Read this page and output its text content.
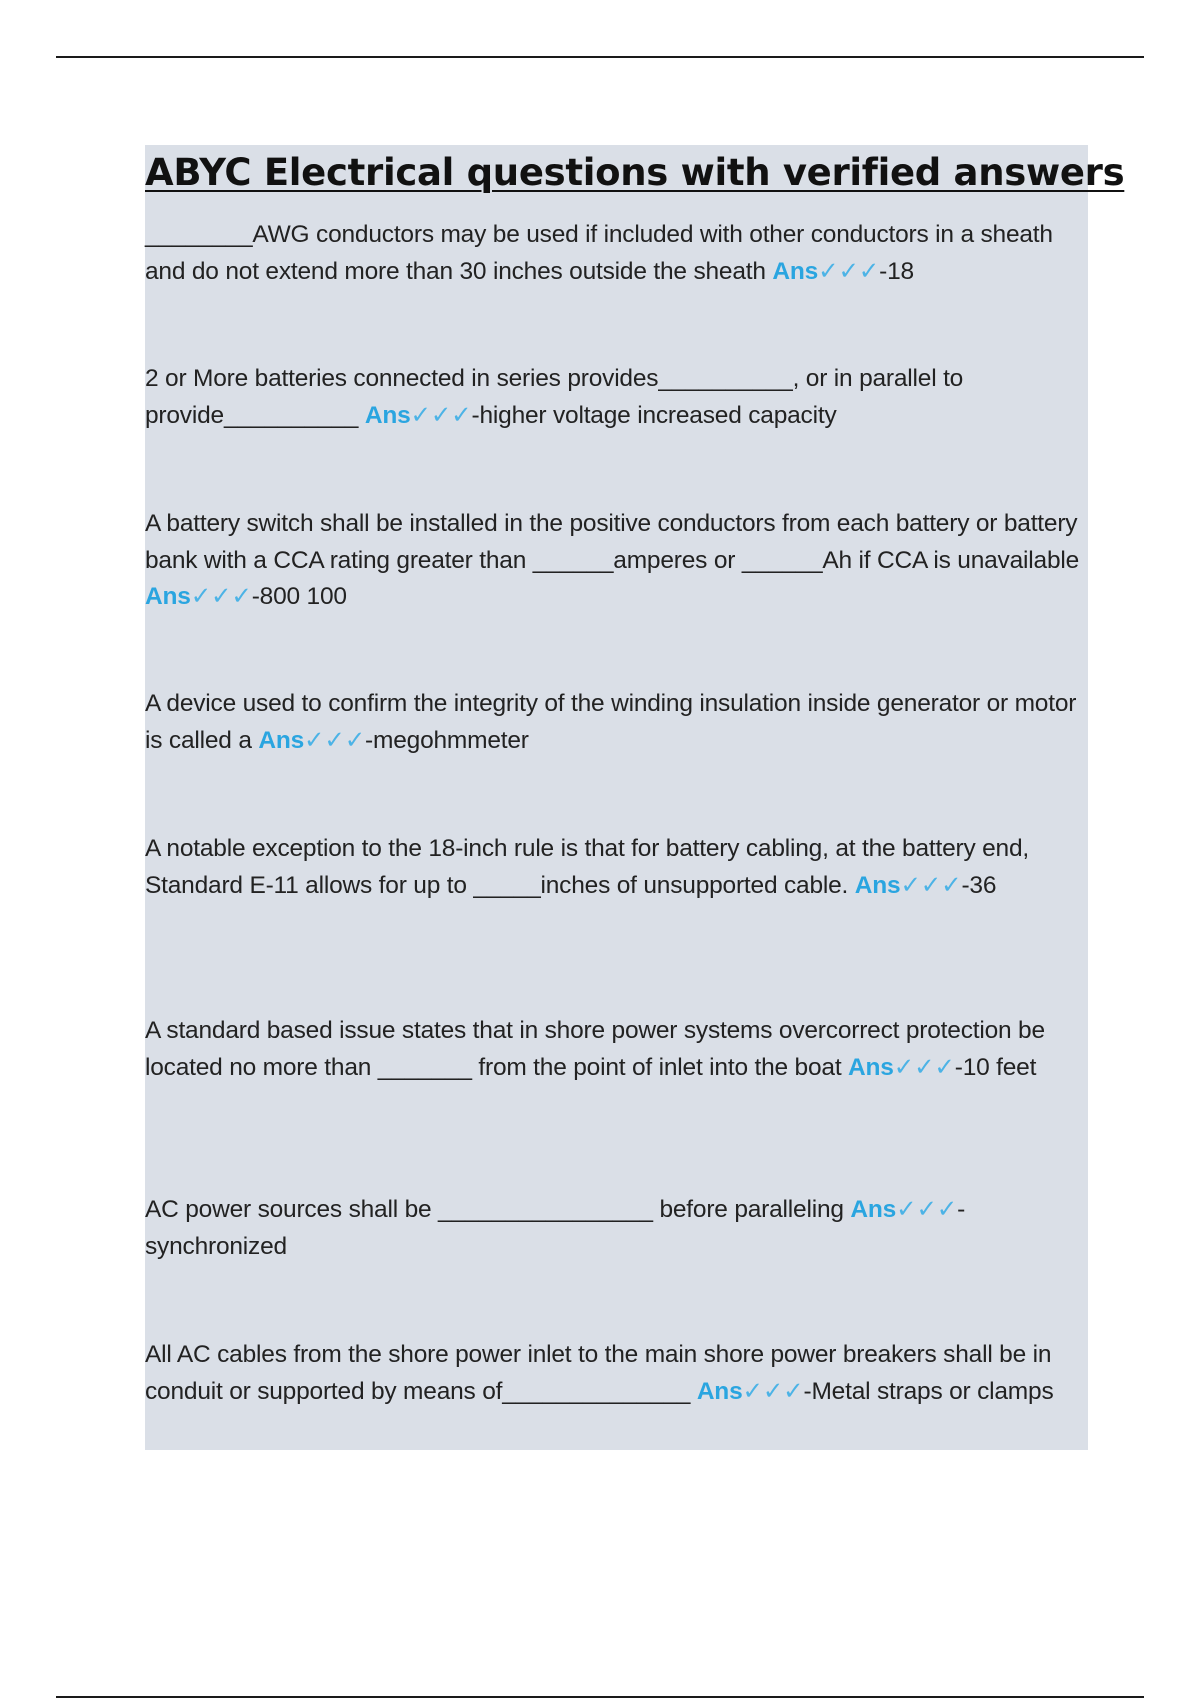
ABYC Electrical questions with verified answers

________AWG conductors may be used if included with other conductors in a sheath and do not extend more than 30 inches outside the sheath Ans✓✓✓-18

2 or More batteries connected in series provides__________, or in parallel to provide__________ Ans✓✓✓-higher voltage increased capacity

A battery switch shall be installed in the positive conductors from each battery or battery bank with a CCA rating greater than ______amperes or ______Ah if CCA is unavailable Ans✓✓✓-800 100

A device used to confirm the integrity of the winding insulation inside generator or motor is called a Ans✓✓✓-megohmmeter

A notable exception to the 18-inch rule is that for battery cabling, at the battery end, Standard E-11 allows for up to _____inches of unsupported cable. Ans✓✓✓-36

A standard based issue states that in shore power systems overcorrect protection be located no more than _______ from the point of inlet into the boat Ans✓✓✓-10 feet

AC power sources shall be ________________ before paralleling Ans✓✓✓-synchronized

All AC cables from the shore power inlet to the main shore power breakers shall be in conduit or supported by means of______________ Ans✓✓✓-Metal straps or clamps
